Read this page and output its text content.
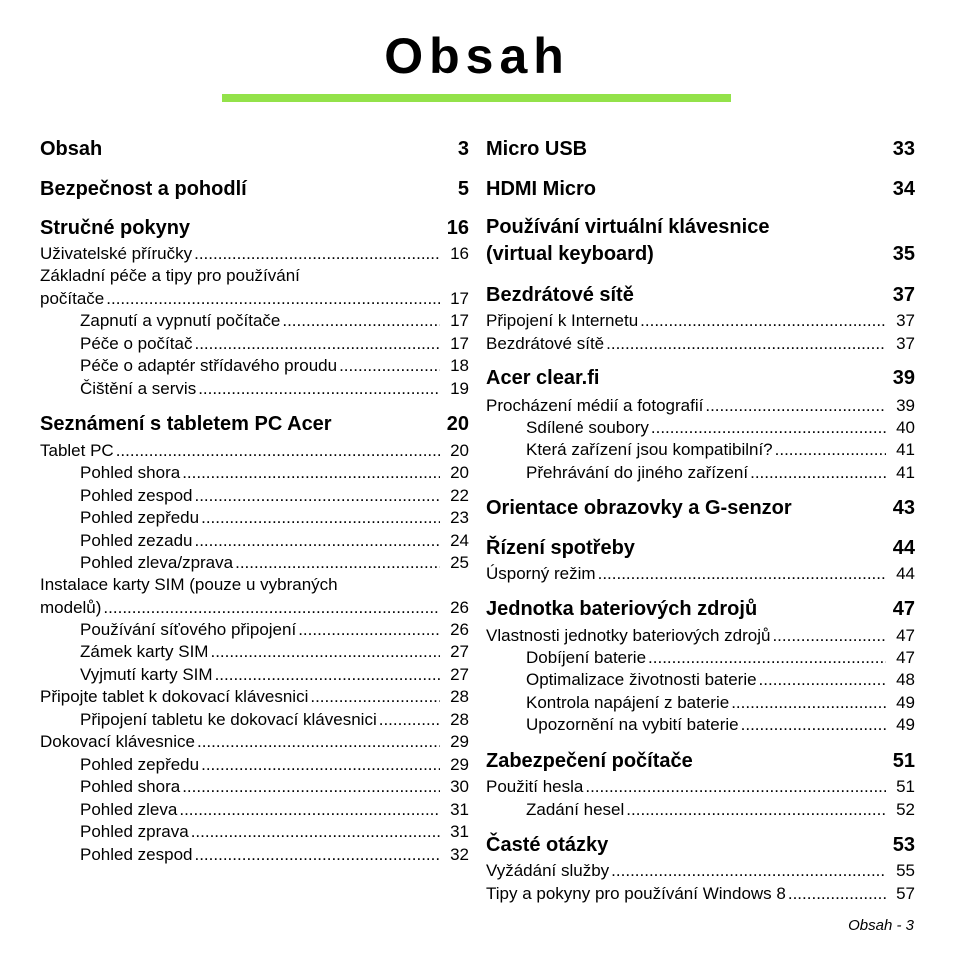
Obsah
Obsah	3
Bezpečnost a pohodlí	5
Stručné pokyny	16
Uživatelské příručky .....	16
Základní péče a tipy pro používání
počítače .....	17
Zapnutí a vypnutí počítače .....	17
Péče o počítač .....	17
Péče o adaptér střídavého proudu .....	18
Čištění a servis .....	19
Seznámení s tabletem PC Acer	20
Tablet PC .....	20
Pohled shora .....	20
Pohled zespod .....	22
Pohled zepředu .....	23
Pohled zezadu .....	24
Pohled zleva/zprava .....	25
Instalace karty SIM (pouze u vybraných
modelů) .....	26
Používání síťového připojení .....	26
Zámek karty SIM .....	27
Vyjmutí karty SIM .....	27
Připojte tablet k dokovací klávesnici .....	28
Připojení tabletu ke dokovací klávesnici .....	28
Dokovací klávesnice .....	29
Pohled zepředu .....	29
Pohled shora .....	30
Pohled zleva .....	31
Pohled zprava .....	31
Pohled zespod .....	32
Micro USB	33
HDMI Micro	34
Používání virtuální klávesnice
(virtual keyboard)	35
Bezdrátové sítě	37
Připojení k Internetu .....	37
Bezdrátové sítě .....	37
Acer clear.fi	39
Procházení médií a fotografií .....	39
Sdílené soubory .....	40
Která zařízení jsou kompatibilní? .....	41
Přehrávání do jiného zařízení .....	41
Orientace obrazovky a G-senzor	43
Řízení spotřeby	44
Úsporný režim .....	44
Jednotka bateriových zdrojů	47
Vlastnosti jednotky bateriových zdrojů .....	47
Dobíjení baterie .....	47
Optimalizace životnosti baterie .....	48
Kontrola napájení z baterie .....	49
Upozornění na vybití baterie .....	49
Zabezpečení počítače	51
Použití hesla .....	51
Zadání hesel .....	52
Časté otázky	53
Vyžádání služby .....	55
Tipy a pokyny pro používání Windows 8 .....	57
Obsah - 3
